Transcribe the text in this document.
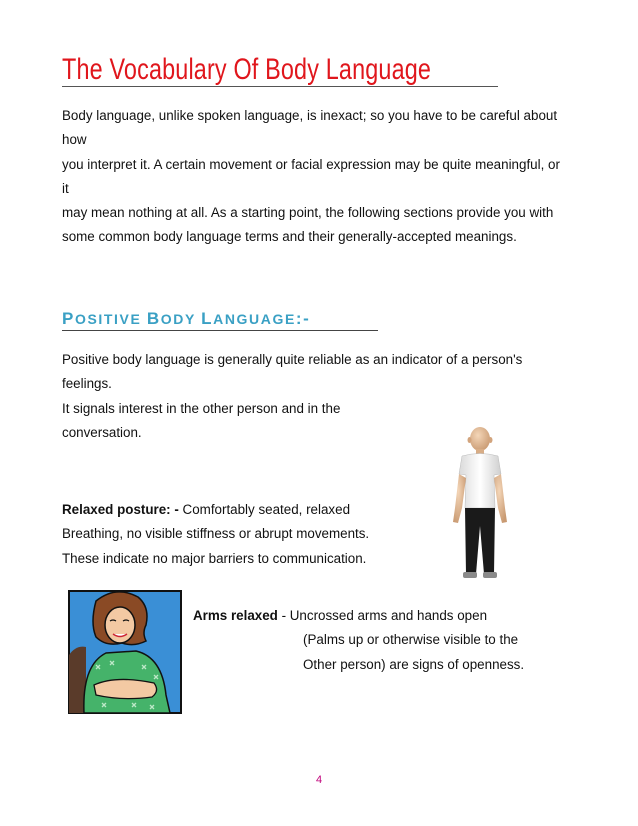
The Vocabulary Of Body Language
Body language, unlike spoken language, is inexact; so you have to be careful about
how
you interpret it. A certain movement or facial expression may be quite meaningful, or
it
may mean nothing at all. As a starting point, the following sections provide you with
some common body language terms and their generally-accepted meanings.
POSITIVE BODY LANGUAGE:-
Positive body language is generally quite reliable as an indicator of a person's
feelings.
It signals interest in the other person and in the
conversation.
Relaxed posture: - Comfortably seated, relaxed
Breathing, no visible stiffness or abrupt movements.
These indicate no major barriers to communication.
Arms relaxed - Uncrossed arms and hands open
(Palms up or otherwise visible to the
Other person) are signs of openness.
4
